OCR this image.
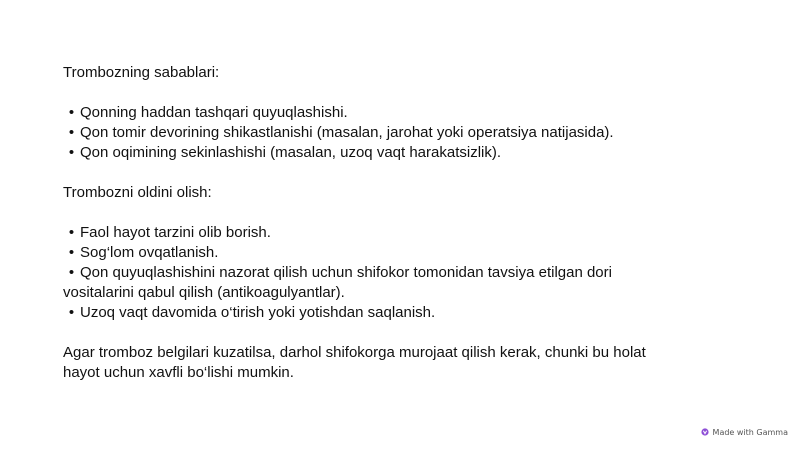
Trombozning sabablari:

• Qonning haddan tashqari quyuqlashishi.
• Qon tomir devorining shikastlanishi (masalan, jarohat yoki operatsiya natijasida).
• Qon oqimining sekinlashishi (masalan, uzoq vaqt harakatsizlik).

Trombozni oldini olish:

• Faol hayot tarzini olib borish.
• Sog‘lom ovqatlanish.
• Qon quyuqlashishini nazorat qilish uchun shifokor tomonidan tavsiya etilgan dori vositalarini qabul qilish (antikoagulyantlar).
• Uzoq vaqt davomida o‘tirish yoki yotishdan saqlanish.

Agar tromboz belgilari kuzatilsa, darhol shifokorga murojaat qilish kerak, chunki bu holat hayot uchun xavfli bo‘lishi mumkin.

Made with Gamma
